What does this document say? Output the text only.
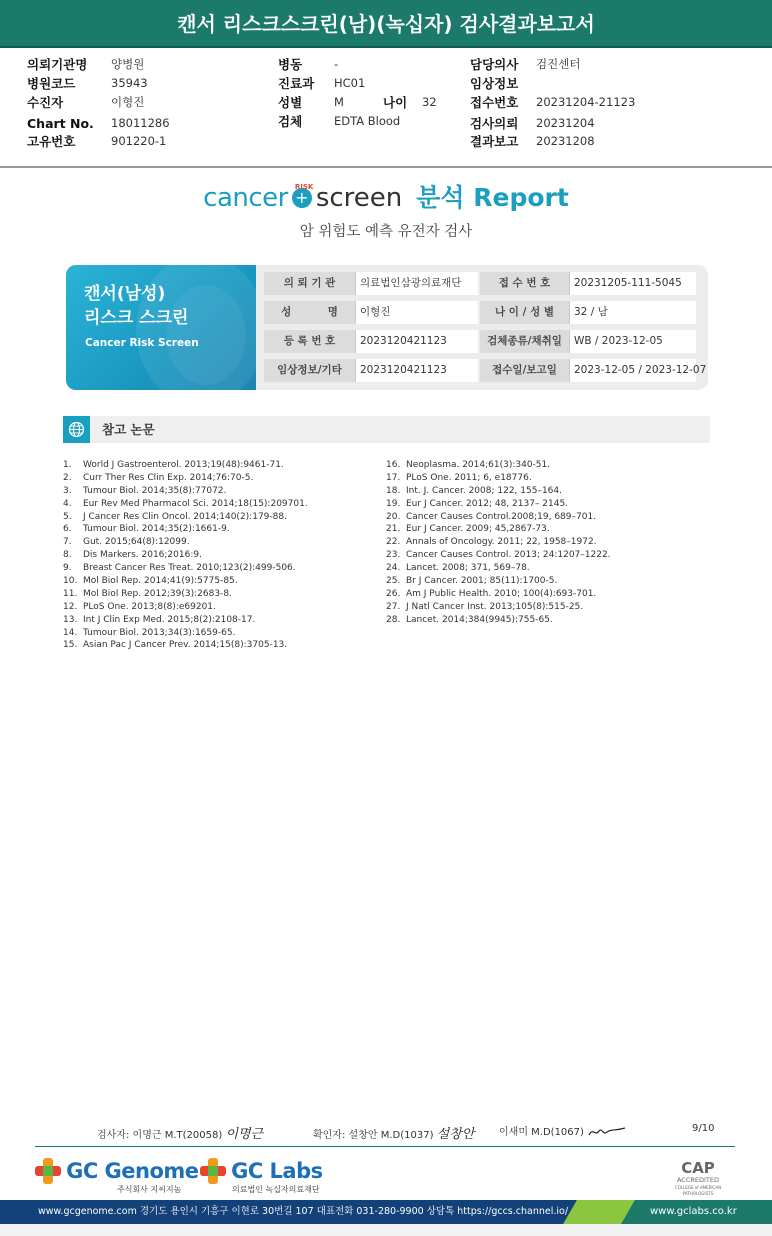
캔서 리스크스크린(남)(녹십자) 검사결과보고서
의뢰기관명 양병원
병원코드	35943
수진자	이형진
Chart No. 18011286
고유번호	901220-1
병동	-
진료과 HC01
성별	M	나이 32
검체	EDTA Blood
담당의사 검진센터
임상정보
접수번호 20231204-21123
검사의뢰 20231204
결과보고 20231208
cancer RISK
+ screen 분석 Report
암 위험도 예측 유전자 검사
캔서(남성)
리스크 스크린
Cancer Risk Screen
의 뢰 기 관	의료법인삼광의료재단	접 수 번 호	20231205-111-5045
성          명	이형진	나 이 / 성 별	32 / 남
등 록 번 호	2023120421123	검체종류/채취일	WB / 2023-12-05
임상정보/기타	2023120421123	접수일/보고일	2023-12-05 / 2023-12-07
참고 논문
1. World J Gastroenterol. 2013;19(48):9461-71.
2. Curr Ther Res Clin Exp. 2014;76:70-5.
3. Tumour Biol. 2014;35(8):77072.
4. Eur Rev Med Pharmacol Sci. 2014;18(15):209701.
5. J Cancer Res Clin Oncol. 2014;140(2):179-88.
6. Tumour Biol. 2014;35(2):1661-9.
7. Gut. 2015;64(8):12099.
8. Dis Markers. 2016;2016:9.
9. Breast Cancer Res Treat. 2010;123(2):499-506.
10. Mol Biol Rep. 2014;41(9):5775-85.
11. Mol Biol Rep. 2012;39(3):2683-8.
12. PLoS One. 2013;8(8):e69201.
13. Int J Clin Exp Med. 2015;8(2):2108-17.
14. Tumour Biol. 2013;34(3):1659-65.
15. Asian Pac J Cancer Prev. 2014;15(8):3705-13.
16. Neoplasma. 2014;61(3):340-51.
17. PLoS One. 2011; 6, e18776.
18. Int. J. Cancer. 2008; 122, 155–164.
19. Eur J Cancer. 2012; 48, 2137– 2145.
20. Cancer Causes Control.2008;19, 689–701.
21. Eur J Cancer. 2009; 45,2867-73.
22. Annals of Oncology. 2011; 22, 1958–1972.
23. Cancer Causes Control. 2013; 24:1207–1222.
24. Lancet. 2008; 371, 569–78.
25. Br J Cancer. 2001; 85(11):1700-5.
26. Am J Public Health. 2010; 100(4):693-701.
27. J Natl Cancer Inst. 2013;105(8):515-25.
28. Lancet. 2014;384(9945):755-65.
검사자: 이명근 M.T(20058) 이명근	확인자: 설창안 M.D(1037) 설창안 이새미 M.D(1067)	9/10
GC Genome
주식회사 지씨지놈
GC Labs
의료법인 녹십자의료재단
CAP
ACCREDITED
COLLEGE of AMERICAN PATHOLOGISTS
www.gcgenome.com 경기도 용인시 기흥구 이현로 30번길 107 대표전화 031-280-9900 상담톡 https://gccs.channel.io/	www.gclabs.co.kr
